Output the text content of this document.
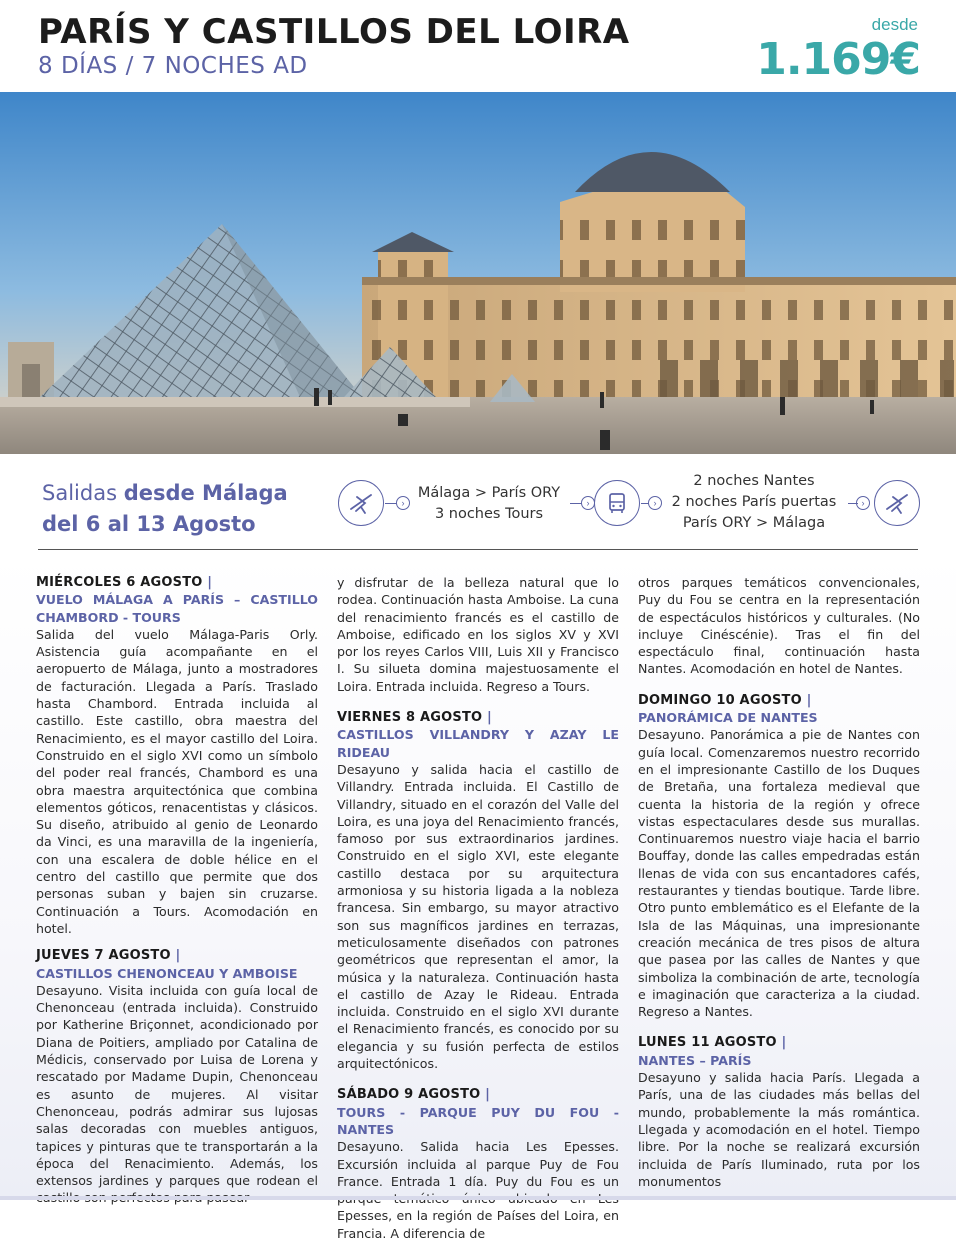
PARÍS Y CASTILLOS DEL LOIRA
8 DÍAS / 7 NOCHES AD
desde
1.169€
Salidas desde Málaga
del 6 al 13 Agosto
›
Málaga > París ORY
3 noches Tours
›	›
2 noches Nantes
2 noches París puertas
París ORY > Málaga
›

MIÉRCOLES 6 AGOSTO |

VUELO MÁLAGA A PARÍS – CASTILLO CHAMBORD - TOURS

Salida del vuelo Málaga-Paris Orly. Asistencia guía acompañante en el aeropuerto de Málaga, junto a mostradores de facturación. Llegada a París. Traslado hasta Chambord. Entrada incluida al castillo. Este castillo, obra maestra del Renacimiento, es el mayor castillo del Loira. Construido en el siglo XVI como un símbolo del poder real francés, Chambord es una obra maestra arquitectónica que combina elementos góticos, renacentistas y clásicos. Su diseño, atribuido al genio de Leonardo da Vinci, es una maravilla de la ingeniería, con una escalera de doble hélice en el centro del castillo que permite que dos personas suban y bajen sin cruzarse. Continuación a Tours. Acomodación en hotel.

JUEVES 7 AGOSTO |

CASTILLOS CHENONCEAU Y AMBOISE

Desayuno. Visita incluida con guía local de Chenonceau (entrada incluida). Construido por Katherine Briçonnet, acondicionado por Diana de Poitiers, ampliado por Catalina de Médicis, conservado por Luisa de Lorena y rescatado por Madame Dupin, Chenonceau es asunto de mujeres. Al visitar Chenonceau, podrás admirar sus lujosas salas decoradas con muebles antiguos, tapices y pinturas que te transportarán a la época del Renacimiento. Además, los extensos jardines y parques que rodean el

y disfrutar de la belleza natural que lo rodea. Continuación hasta Amboise. La cuna del renacimiento francés es el castillo de Amboise, edificado en los siglos XV y XVI por los reyes Carlos VIII, Luis XII y Francisco I. Su silueta domina majestuosamente el Loira. Entrada incluida. Regreso a Tours.

VIERNES 8 AGOSTO |

CASTILLOS VILLANDRY Y AZAY LE RIDEAU

Desayuno y salida hacia el castillo de Villandry. Entrada incluida. El Castillo de Villandry, situado en el corazón del Valle del Loira, es una joya del Renacimiento francés, famoso por sus extraordinarios jardines. Construido en el siglo XVI, este elegante castillo destaca por su arquitectura armoniosa y su historia ligada a la nobleza francesa. Sin embargo, su mayor atractivo son sus magníficos jardines en terrazas, meticulosamente diseñados con patrones geométricos que representan el amor, la música y la naturaleza. Continuación hasta el castillo de Azay le Rideau. Entrada incluida. Construido en el siglo XVI durante el Renacimiento francés, es conocido por su elegancia y su fusión perfecta de estilos arquitectónicos.

SÁBADO 9 AGOSTO |

TOURS - PARQUE PUY DU FOU - NANTES

Desayuno. Salida hacia Les Epesses. Excursión incluida al parque Puy de Fou France. Entrada 1 día. Puy du Fou es un Epesses, en la región de Países del Loira, en Francia. A diferencia de

otros parques temáticos convencionales, Puy du Fou se centra en la representación de espectáculos históricos y culturales. (No incluye Cinéscénie). Tras el fin del espectáculo final, continuación hasta Nantes. Acomodación en hotel de Nantes.

DOMINGO 10 AGOSTO |

PANORÁMICA DE NANTES

Desayuno. Panorámica a pie de Nantes con guía local. Comenzaremos nuestro recorrido en el impresionante Castillo de los Duques de Bretaña, una fortaleza medieval que cuenta la historia de la región y ofrece vistas espectaculares desde sus murallas. Continuaremos nuestro viaje hacia el barrio Bouffay, donde las calles empedradas están llenas de vida con sus encantadores cafés, restaurantes y tiendas boutique. Tarde libre. Otro punto emblemático es el Elefante de la Isla de las Máquinas, una impresionante creación mecánica de tres pisos de altura que pasea por las calles de Nantes y que simboliza la combinación de arte, tecnología e imaginación que caracteriza a la ciudad. Regreso a Nantes.

LUNES 11 AGOSTO |

NANTES – PARÍS

Desayuno y salida hacia París. Llegada a París, una de las ciudades más bellas del mundo, probablemente la más romántica. Llegada y acomodación en el hotel. Tiempo libre. Por la noche se realizará excursión incluida de París Iluminado, ruta por los monumentos
